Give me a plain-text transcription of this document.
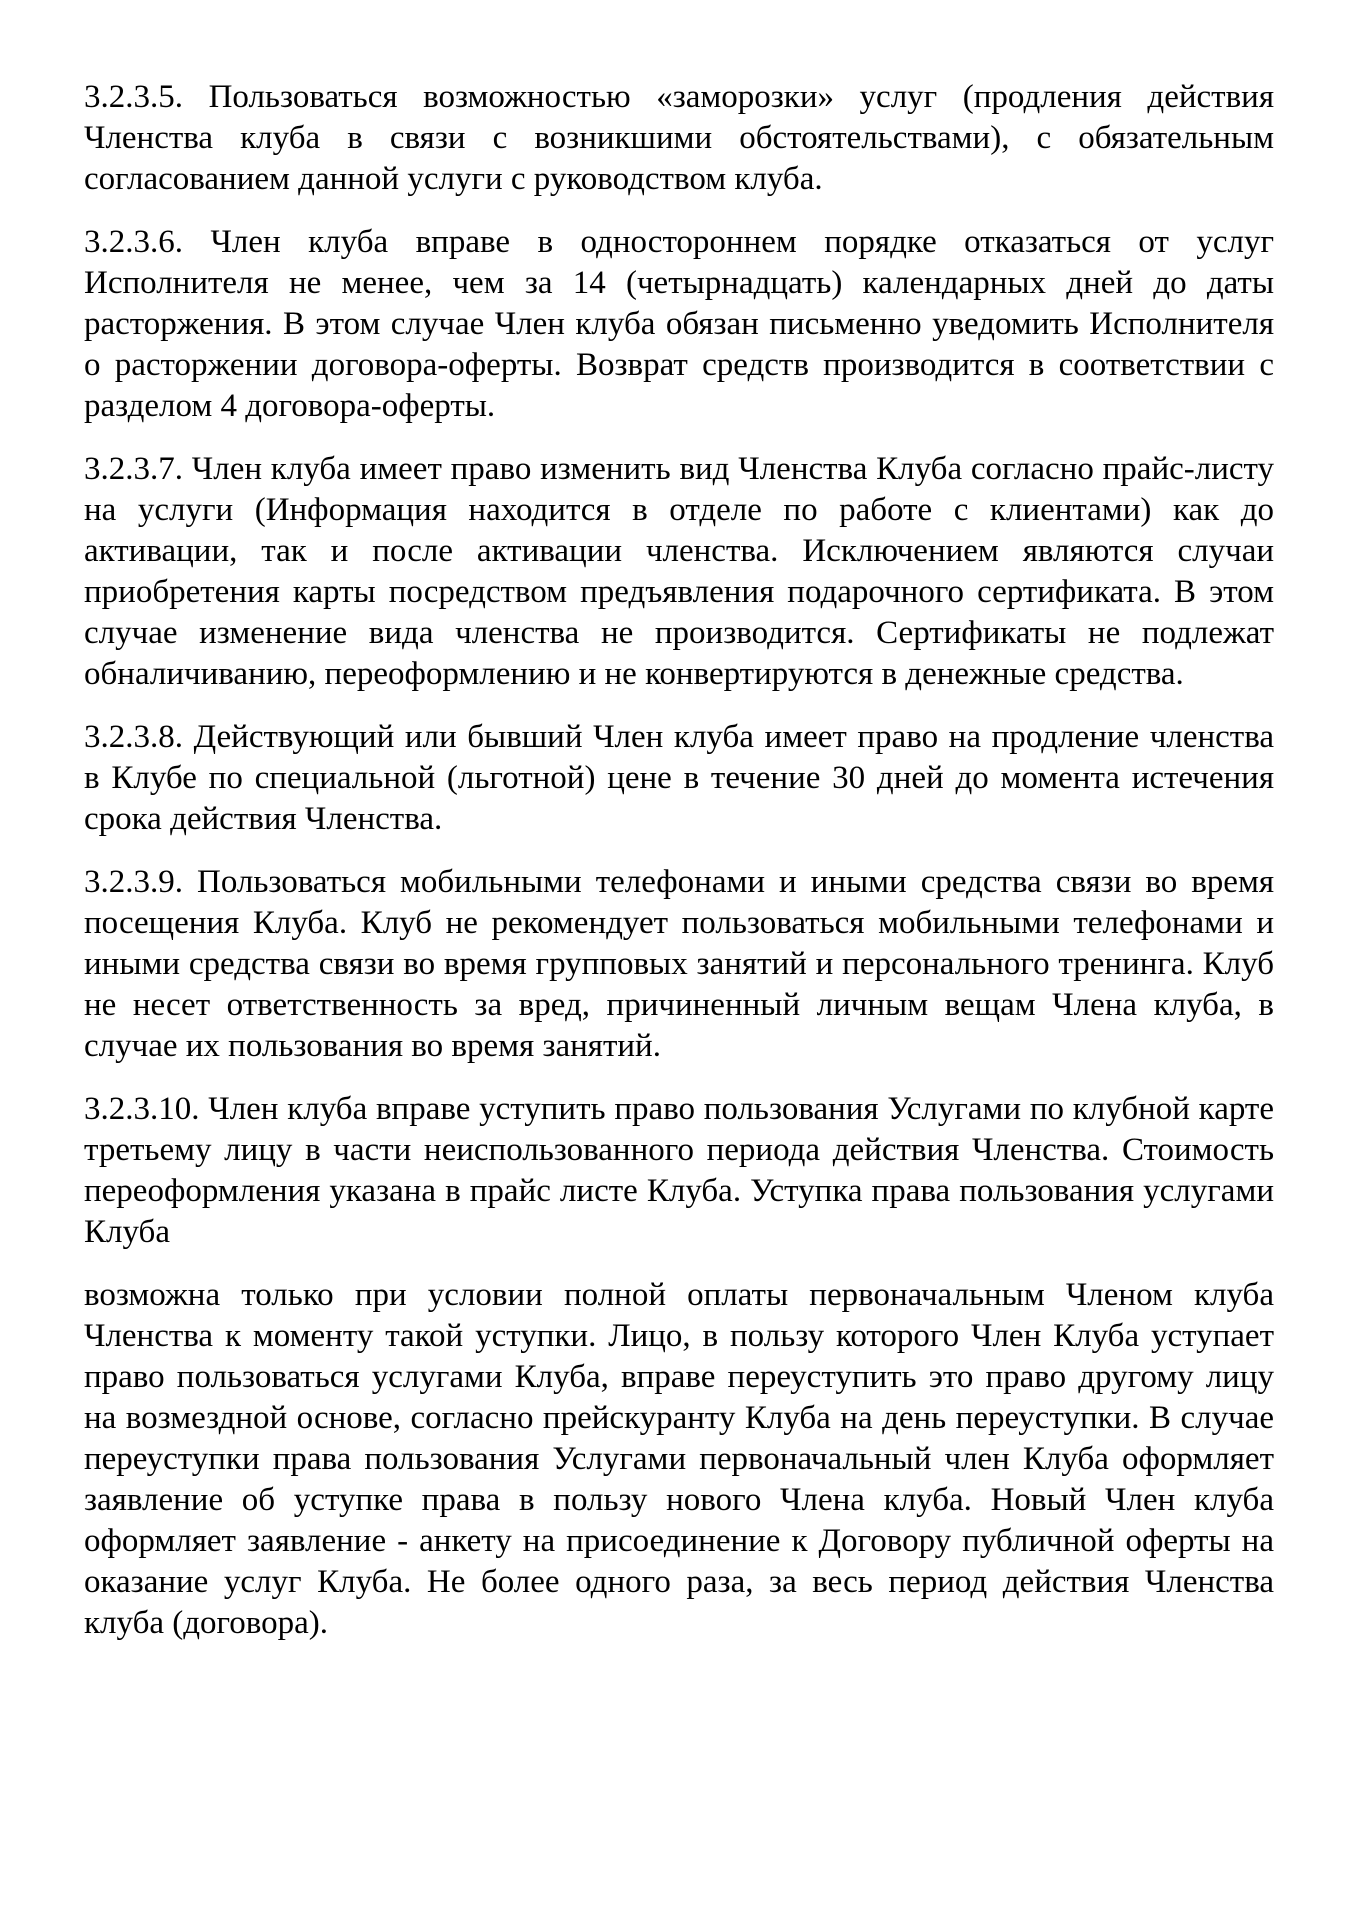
3.2.3.5. Пользоваться возможностью «заморозки» услуг (продления действия Членства клуба в связи с возникшими обстоятельствами), с обязательным согласованием данной услуги с руководством клуба.

3.2.3.6. Член клуба вправе в одностороннем порядке отказаться от услуг Исполнителя не менее, чем за 14 (четырнадцать) календарных дней до даты расторжения. В этом случае Член клуба обязан письменно уведомить Исполнителя о расторжении договора-оферты. Возврат средств производится в соответствии с разделом 4 договора-оферты.

3.2.3.7. Член клуба имеет право изменить вид Членства Клуба согласно прайс-листу на услуги (Информация находится в отделе по работе с клиентами) как до активации, так и после активации членства. Исключением являются случаи приобретения карты посредством предъявления подарочного сертификата. В этом случае изменение вида членства не производится. Сертификаты не подлежат обналичиванию, переоформлению и не конвертируются в денежные средства.

3.2.3.8. Действующий или бывший Член клуба имеет право на продление членства в Клубе по специальной (льготной) цене в течение 30 дней до момента истечения срока действия Членства.

3.2.3.9. Пользоваться мобильными телефонами и иными средства связи во время посещения Клуба. Клуб не рекомендует пользоваться мобильными телефонами и иными средства связи во время групповых занятий и персонального тренинга. Клуб не несет ответственность за вред, причиненный личным вещам Члена клуба, в случае их пользования во время занятий.

3.2.3.10. Член клуба вправе уступить право пользования Услугами по клубной карте третьему лицу в части неиспользованного периода действия Членства. Стоимость переоформления указана в прайс листе Клуба. Уступка права пользования услугами Клуба

возможна только при условии полной оплаты первоначальным Членом клуба Членства к моменту такой уступки. Лицо, в пользу которого Член Клуба уступает право пользоваться услугами Клуба, вправе переуступить это право другому лицу на возмездной основе, согласно прейскуранту Клуба на день переуступки. В случае переуступки права пользования Услугами первоначальный член Клуба оформляет заявление об уступке права в пользу нового Члена клуба. Новый Член клуба оформляет заявление - анкету на присоединение к Договору публичной оферты на оказание услуг Клуба. Не более одного раза, за весь период действия Членства клуба (договора).
